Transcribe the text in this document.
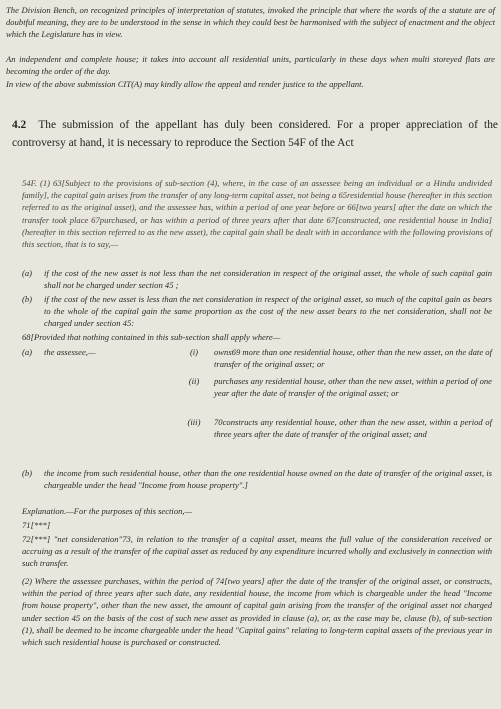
The Division Bench, on recognized principles of interpretation of statutes, invoked the principle that where the words of the a statute are of doubtful meaning, they are to be understood in the sense in which they could best be harmonised with the subject of enactment and the object which the Legislature has in view.

An independent and complete house; it takes into account all residential units, particularly in these days when multi storeyed flats are becoming the order of the day.

In view of the above submission CIT(A) may kindly allow the appeal and render justice to the appellant.

4.2 The submission of the appellant has duly been considered. For a proper appreciation of the controversy at hand, it is necessary to reproduce the Section 54F of the Act

54F. (1) 63[Subject to the provisions of sub-section (4), where, in the case of an assessee being an individual or a Hindu undivided family], the capital gain arises from the transfer of any long-term capital asset, not being a 65residential house (hereafter in this section referred to as the original asset), and the assessee has, within a period of one year before or 66[two years] after the date on which the transfer took place 67purchased, or has within a period of three years after that date 67[constructed, one residential house in India] (hereafter in this section referred to as the new asset), the capital gain shall be dealt with in accordance with the following provisions of this section, that is to say,—

(a) if the cost of the new asset is not less than the net consideration in respect of the original asset, the whole of such capital gain shall not be charged under section 45 ;
(b) if the cost of the new asset is less than the net consideration in respect of the original asset, so much of the capital gain as bears to the whole of the capital gain the same proportion as the cost of the new asset bears to the net consideration, shall not be charged under section 45:

68[Provided that nothing contained in this sub-section shall apply where—

(a) the assessee,—	(i)	owns69 more than one residential house, other than the new asset, on the date of transfer of the original asset; or
(ii)	purchases any residential house, other than the new asset, within a period of one year after the date of transfer of the original asset; or
(iii)	70constructs any residential house, other than the new asset, within a period of three years after the date of transfer of the original asset; and
(b) the income from such residential house, other than the one residential house owned on the date of transfer of the original asset, is chargeable under the head "Income from house property".]

Explanation.—For the purposes of this section,—

71[***]

72[***] "net consideration"73, in relation to the transfer of a capital asset, means the full value of the consideration received or accruing as a result of the transfer of the capital asset as reduced by any expenditure incurred wholly and exclusively in connection with such transfer.

(2) Where the assessee purchases, within the period of 74[two years] after the date of the transfer of the original asset, or constructs, within the period of three years after such date, any residential house, the income from which is chargeable under the head "Income from house property", other than the new asset, the amount of capital gain arising from the transfer of the original asset not charged under section 45 on the basis of the cost of such new asset as provided in clause (a), or, as the case may be, clause (b), of sub-section (1), shall be deemed to be income chargeable under the head "Capital gains" relating to long-term capital assets of the previous year in which such residential house is purchased or constructed.
